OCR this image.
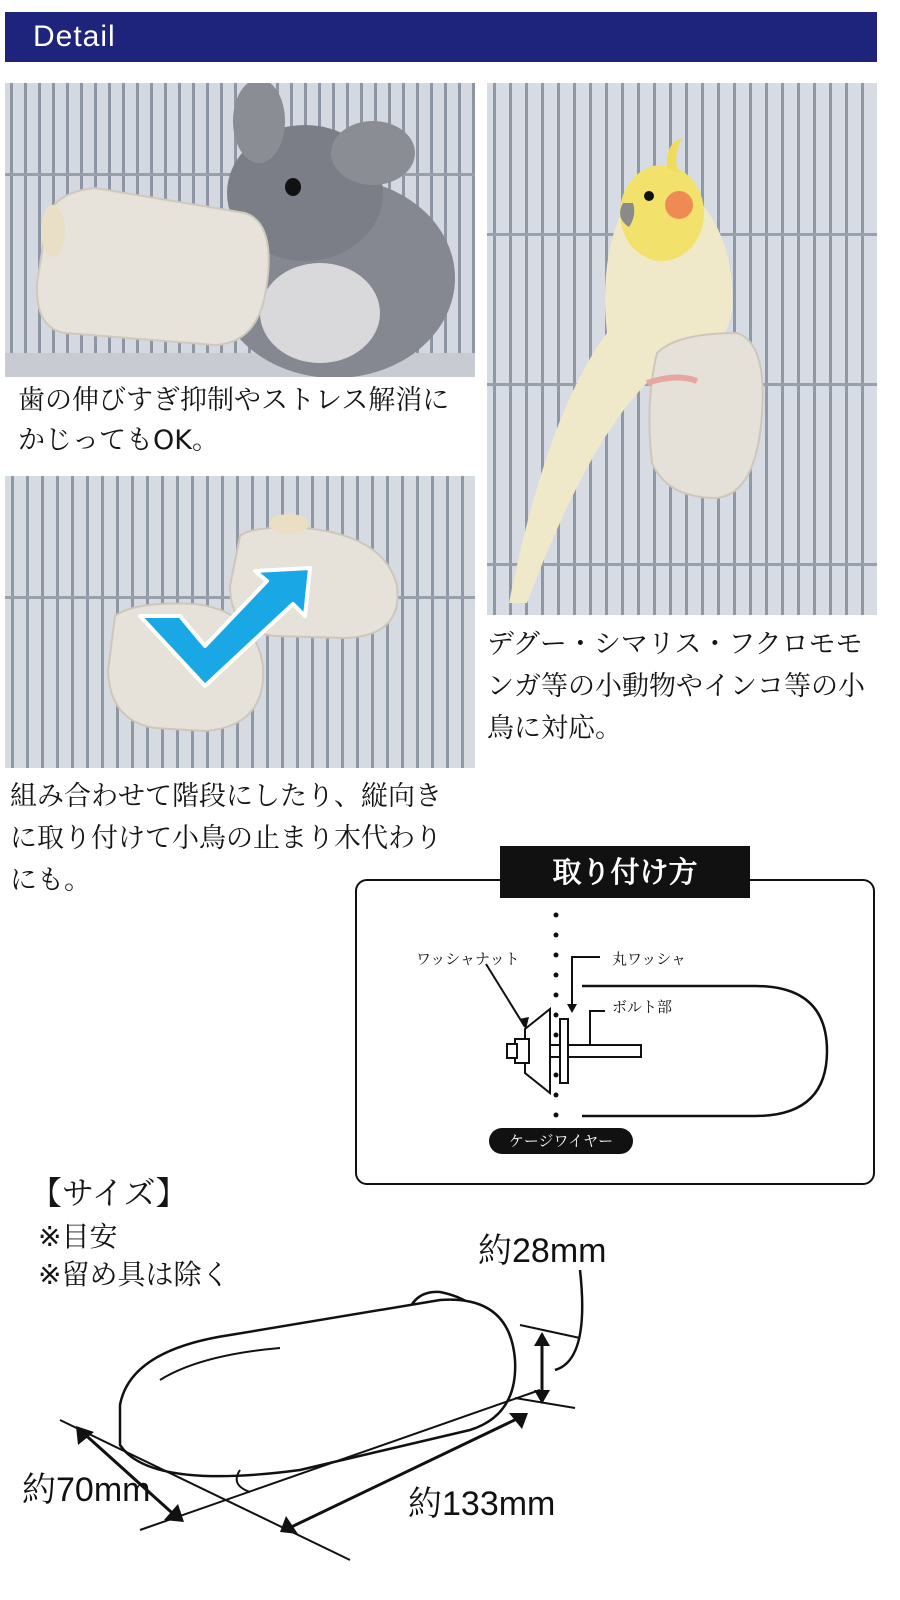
Detail
歯の伸びすぎ抑制やストレス解消に
かじってもOK。
デグー・シマリス・フクロモモ
ンガ等の小動物やインコ等の小
鳥に対応。
組み合わせて階段にしたり、縦向き
に取り付けて小鳥の止まり木代わり
にも。	取り付け方
ワッシャナット	丸ワッシャ
ボルト部
ケージワイヤー
【サイズ】
※目安
※留め具は除く
約28mm
約70mm	約133mm
